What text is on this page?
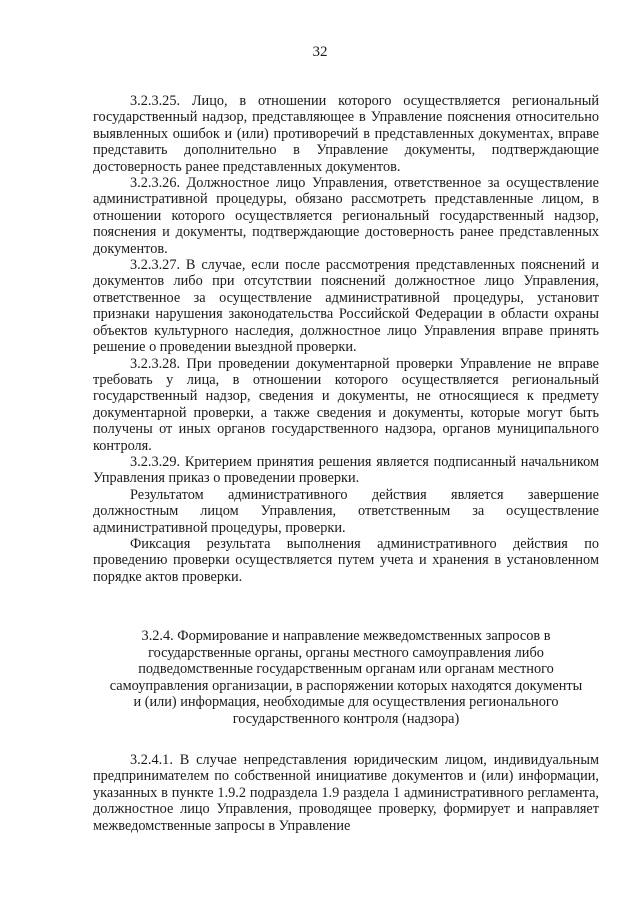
32

3.2.3.25. Лицо, в отношении которого осуществляется региональный государственный надзор, представляющее в Управление пояснения относительно выявленных ошибок и (или) противоречий в представленных документах, вправе представить дополнительно в Управление документы, подтверждающие достоверность ранее представленных документов.

3.2.3.26. Должностное лицо Управления, ответственное за осуществление административной процедуры, обязано рассмотреть представленные лицом, в отношении которого осуществляется региональный государственный надзор, пояснения и документы, подтверждающие достоверность ранее представленных документов.

3.2.3.27. В случае, если после рассмотрения представленных пояснений и документов либо при отсутствии пояснений должностное лицо Управления, ответственное за осуществление административной процедуры, установит признаки нарушения законодательства Российской Федерации в области охраны объектов культурного наследия, должностное лицо Управления вправе принять решение о проведении выездной проверки.

3.2.3.28. При проведении документарной проверки Управление не вправе требовать у лица, в отношении которого осуществляется региональный государственный надзор, сведения и документы, не относящиеся к предмету документарной проверки, а также сведения и документы, которые могут быть получены от иных органов государственного надзора, органов муниципального контроля.

3.2.3.29. Критерием принятия решения является подписанный начальником Управления приказ о проведении проверки.

Результатом административного действия является завершение должностным лицом Управления, ответственным за осуществление административной процедуры, проверки.

Фиксация результата выполнения административного действия по проведению проверки осуществляется путем учета и хранения в установленном порядке актов проверки.

3.2.4. Формирование и направление межведомственных запросов в
государственные органы, органы местного самоуправления либо
подведомственные государственным органам или органам местного
самоуправления организации, в распоряжении которых находятся документы
и (или) информация, необходимые для осуществления регионального
государственного контроля (надзора)

3.2.4.1. В случае непредставления юридическим лицом, индивидуальным предпринимателем по собственной инициативе документов и (или) информации, указанных в пункте 1.9.2 подраздела 1.9 раздела 1 административного регламента, должностное лицо Управления, проводящее проверку, формирует и направляет межведомственные запросы в Управление
